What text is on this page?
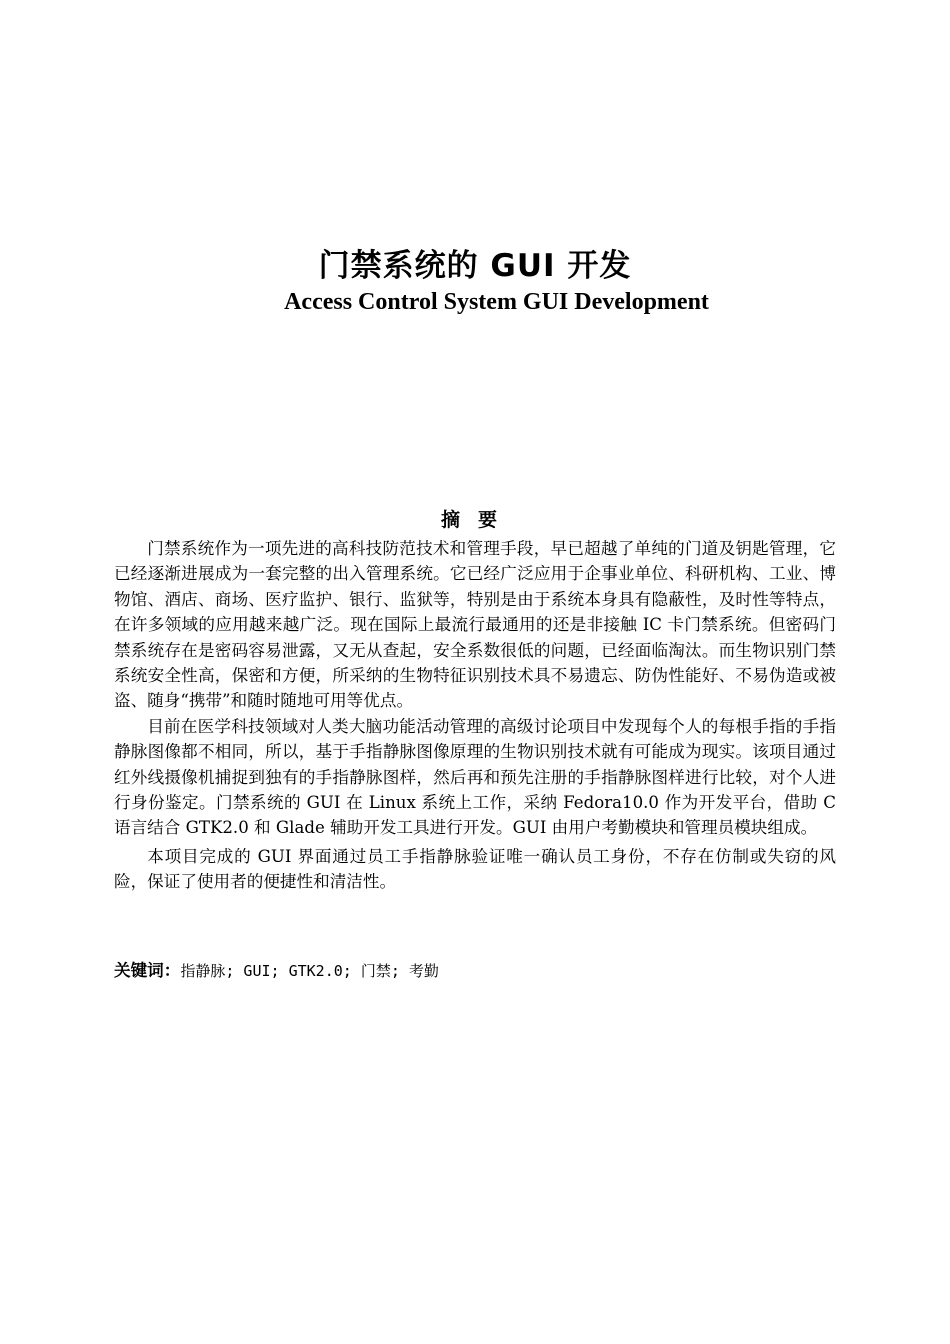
门禁系统的 GUI 开发
Access Control System GUI Development
摘要

门禁系统作为一项先进的高科技防范技术和管理手段，早已超越了单纯的门道及钥匙管理，它已经逐渐进展成为一套完整的出入管理系统。它已经广泛应用于企事业单位、科研机构、工业、博物馆、酒店、商场、医疗监护、银行、监狱等，特别是由于系统本身具有隐蔽性，及时性等特点，在许多领域的应用越来越广泛。现在国际上最流行最通用的还是非接触 IC 卡门禁系统。但密码门禁系统存在是密码容易泄露，又无从查起，安全系数很低的问题，已经面临淘汰。而生物识别门禁系统安全性高，保密和方便，所采纳的生物特征识别技术具不易遗忘、防伪性能好、不易伪造或被盗、随身“携带”和随时随地可用等优点。

目前在医学科技领域对人类大脑功能活动管理的高级讨论项目中发现每个人的每根手指的手指静脉图像都不相同，所以，基于手指静脉图像原理的生物识别技术就有可能成为现实。该项目通过红外线摄像机捕捉到独有的手指静脉图样，然后再和预先注册的手指静脉图样进行比较，对个人进行身份鉴定。门禁系统的 GUI 在 Linux 系统上工作，采纳 Fedora10.0 作为开发平台，借助 C 语言结合 GTK2.0 和 Glade 辅助开发工具进行开发。GUI 由用户考勤模块和管理员模块组成。

本项目完成的 GUI 界面通过员工手指静脉验证唯一确认员工身份，不存在仿制或失窃的风险，保证了使用者的便捷性和清洁性。

关键词：指静脉; GUI; GTK2.0; 门禁; 考勤
